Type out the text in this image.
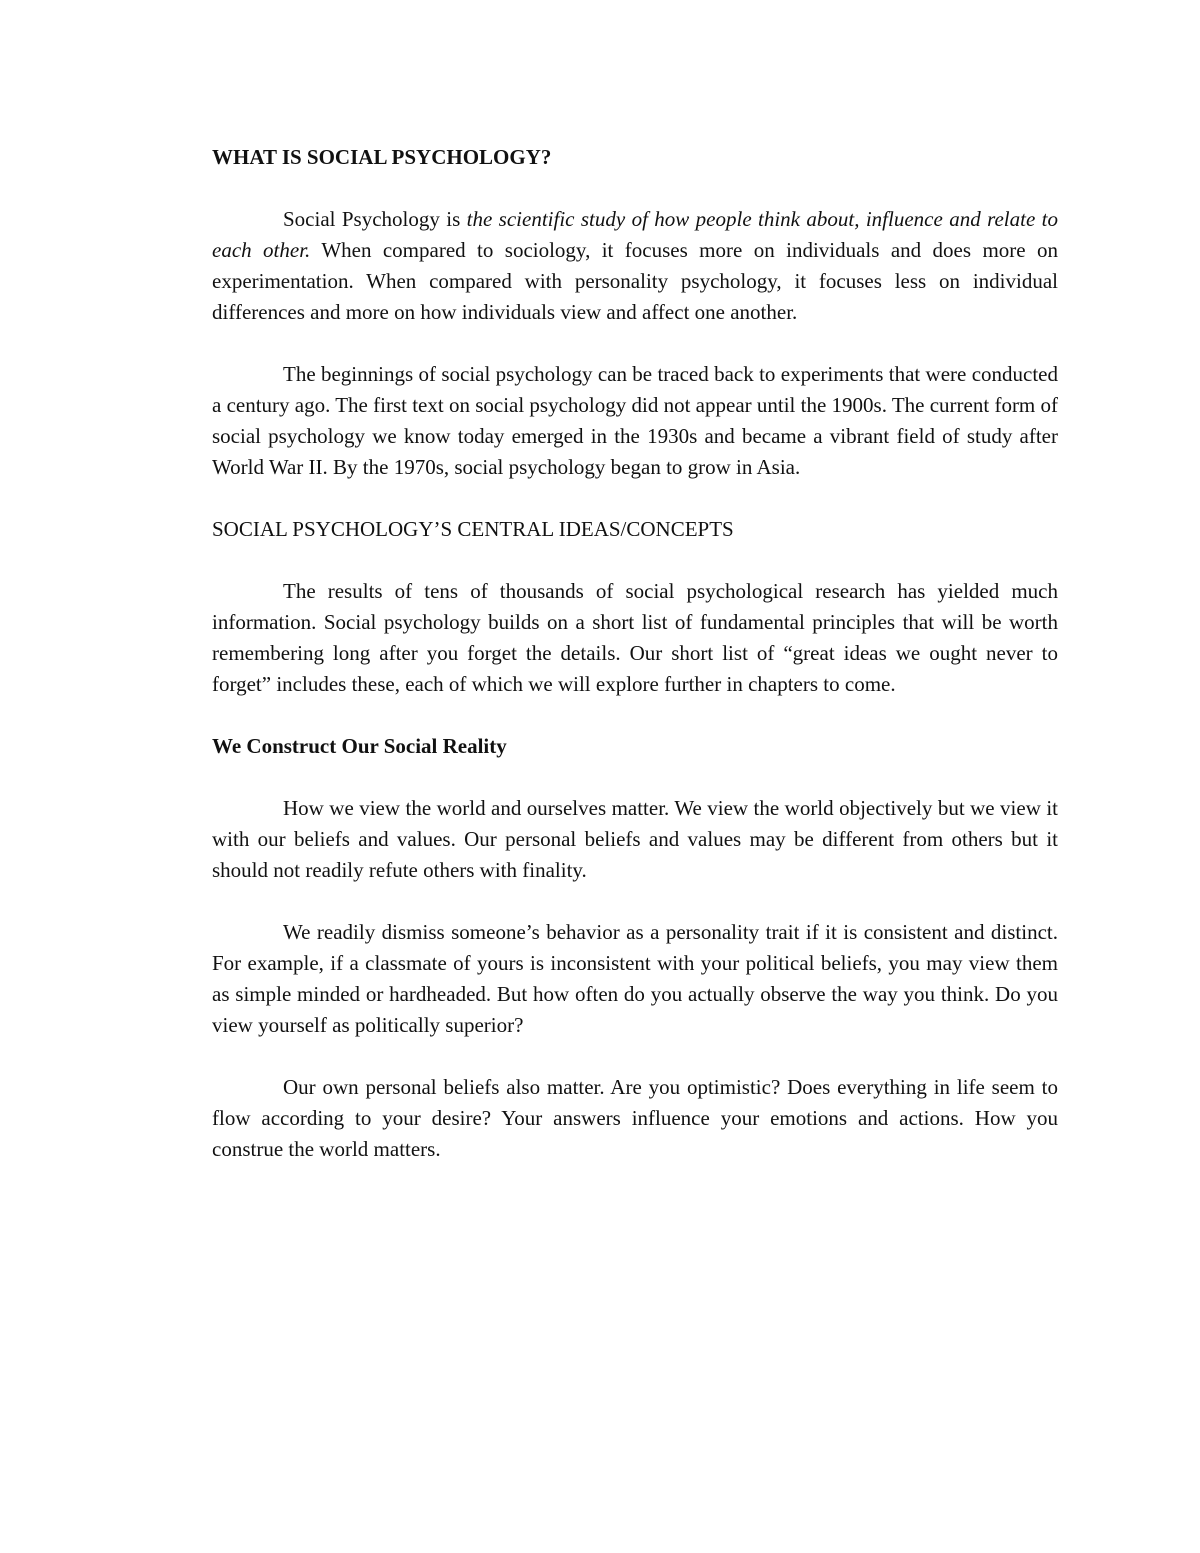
WHAT IS SOCIAL PSYCHOLOGY?

Social Psychology is the scientific study of how people think about, influence and relate to each other. When compared to sociology, it focuses more on individuals and does more on experimentation. When compared with personality psychology, it focuses less on individual differences and more on how individuals view and affect one another.

The beginnings of social psychology can be traced back to experiments that were conducted a century ago. The first text on social psychology did not appear until the 1900s. The current form of social psychology we know today emerged in the 1930s and became a vibrant field of study after World War II. By the 1970s, social psychology began to grow in Asia.

SOCIAL PSYCHOLOGY’S CENTRAL IDEAS/CONCEPTS

The results of tens of thousands of social psychological research has yielded much information. Social psychology builds on a short list of fundamental principles that will be worth remembering long after you forget the details. Our short list of “great ideas we ought never to forget” includes these, each of which we will explore further in chapters to come.

We Construct Our Social Reality

How we view the world and ourselves matter. We view the world objectively but we view it with our beliefs and values. Our personal beliefs and values may be different from others but it should not readily refute others with finality.

We readily dismiss someone’s behavior as a personality trait if it is consistent and distinct. For example, if a classmate of yours is inconsistent with your political beliefs, you may view them as simple minded or hardheaded. But how often do you actually observe the way you think. Do you view yourself as politically superior?

Our own personal beliefs also matter. Are you optimistic? Does everything in life seem to flow according to your desire? Your answers influence your emotions and actions. How you construe the world matters.
